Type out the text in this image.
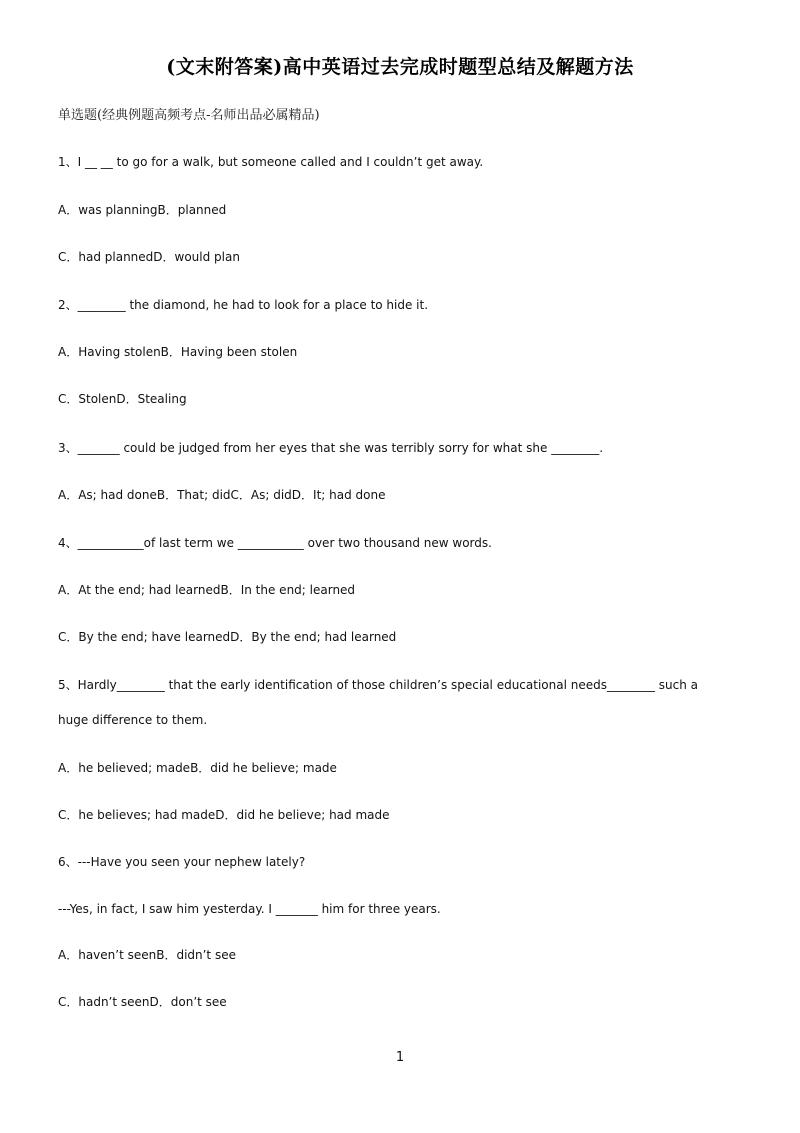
(文末附答案)高中英语过去完成时题型总结及解题方法
单选题(经典例题高频考点-名师出品必属精品)
1、I __ __ to go for a walk, but someone called and I couldn’t get away.
A．was planningB．planned
C．had plannedD．would plan
2、________ the diamond, he had to look for a place to hide it.
A．Having stolenB．Having been stolen
C．StolenD．Stealing
3、_______ could be judged from her eyes that she was terribly sorry for what she ________.
A．As; had doneB．That; didC．As; didD．It; had done
4、___________of last term we ___________ over two thousand new words.
A．At the end; had learnedB．In the end; learned
C．By the end; have learnedD．By the end; had learned
5、Hardly________ that the early identification of those children’s special educational needs________ such a huge difference to them.
A．he believed; madeB．did he believe; made
C．he believes; had madeD．did he believe; had made
6、---Have you seen your nephew lately?
---Yes, in fact, I saw him yesterday. I _______ him for three years.
A．haven’t seenB．didn’t see
C．hadn’t seenD．don’t see
1
